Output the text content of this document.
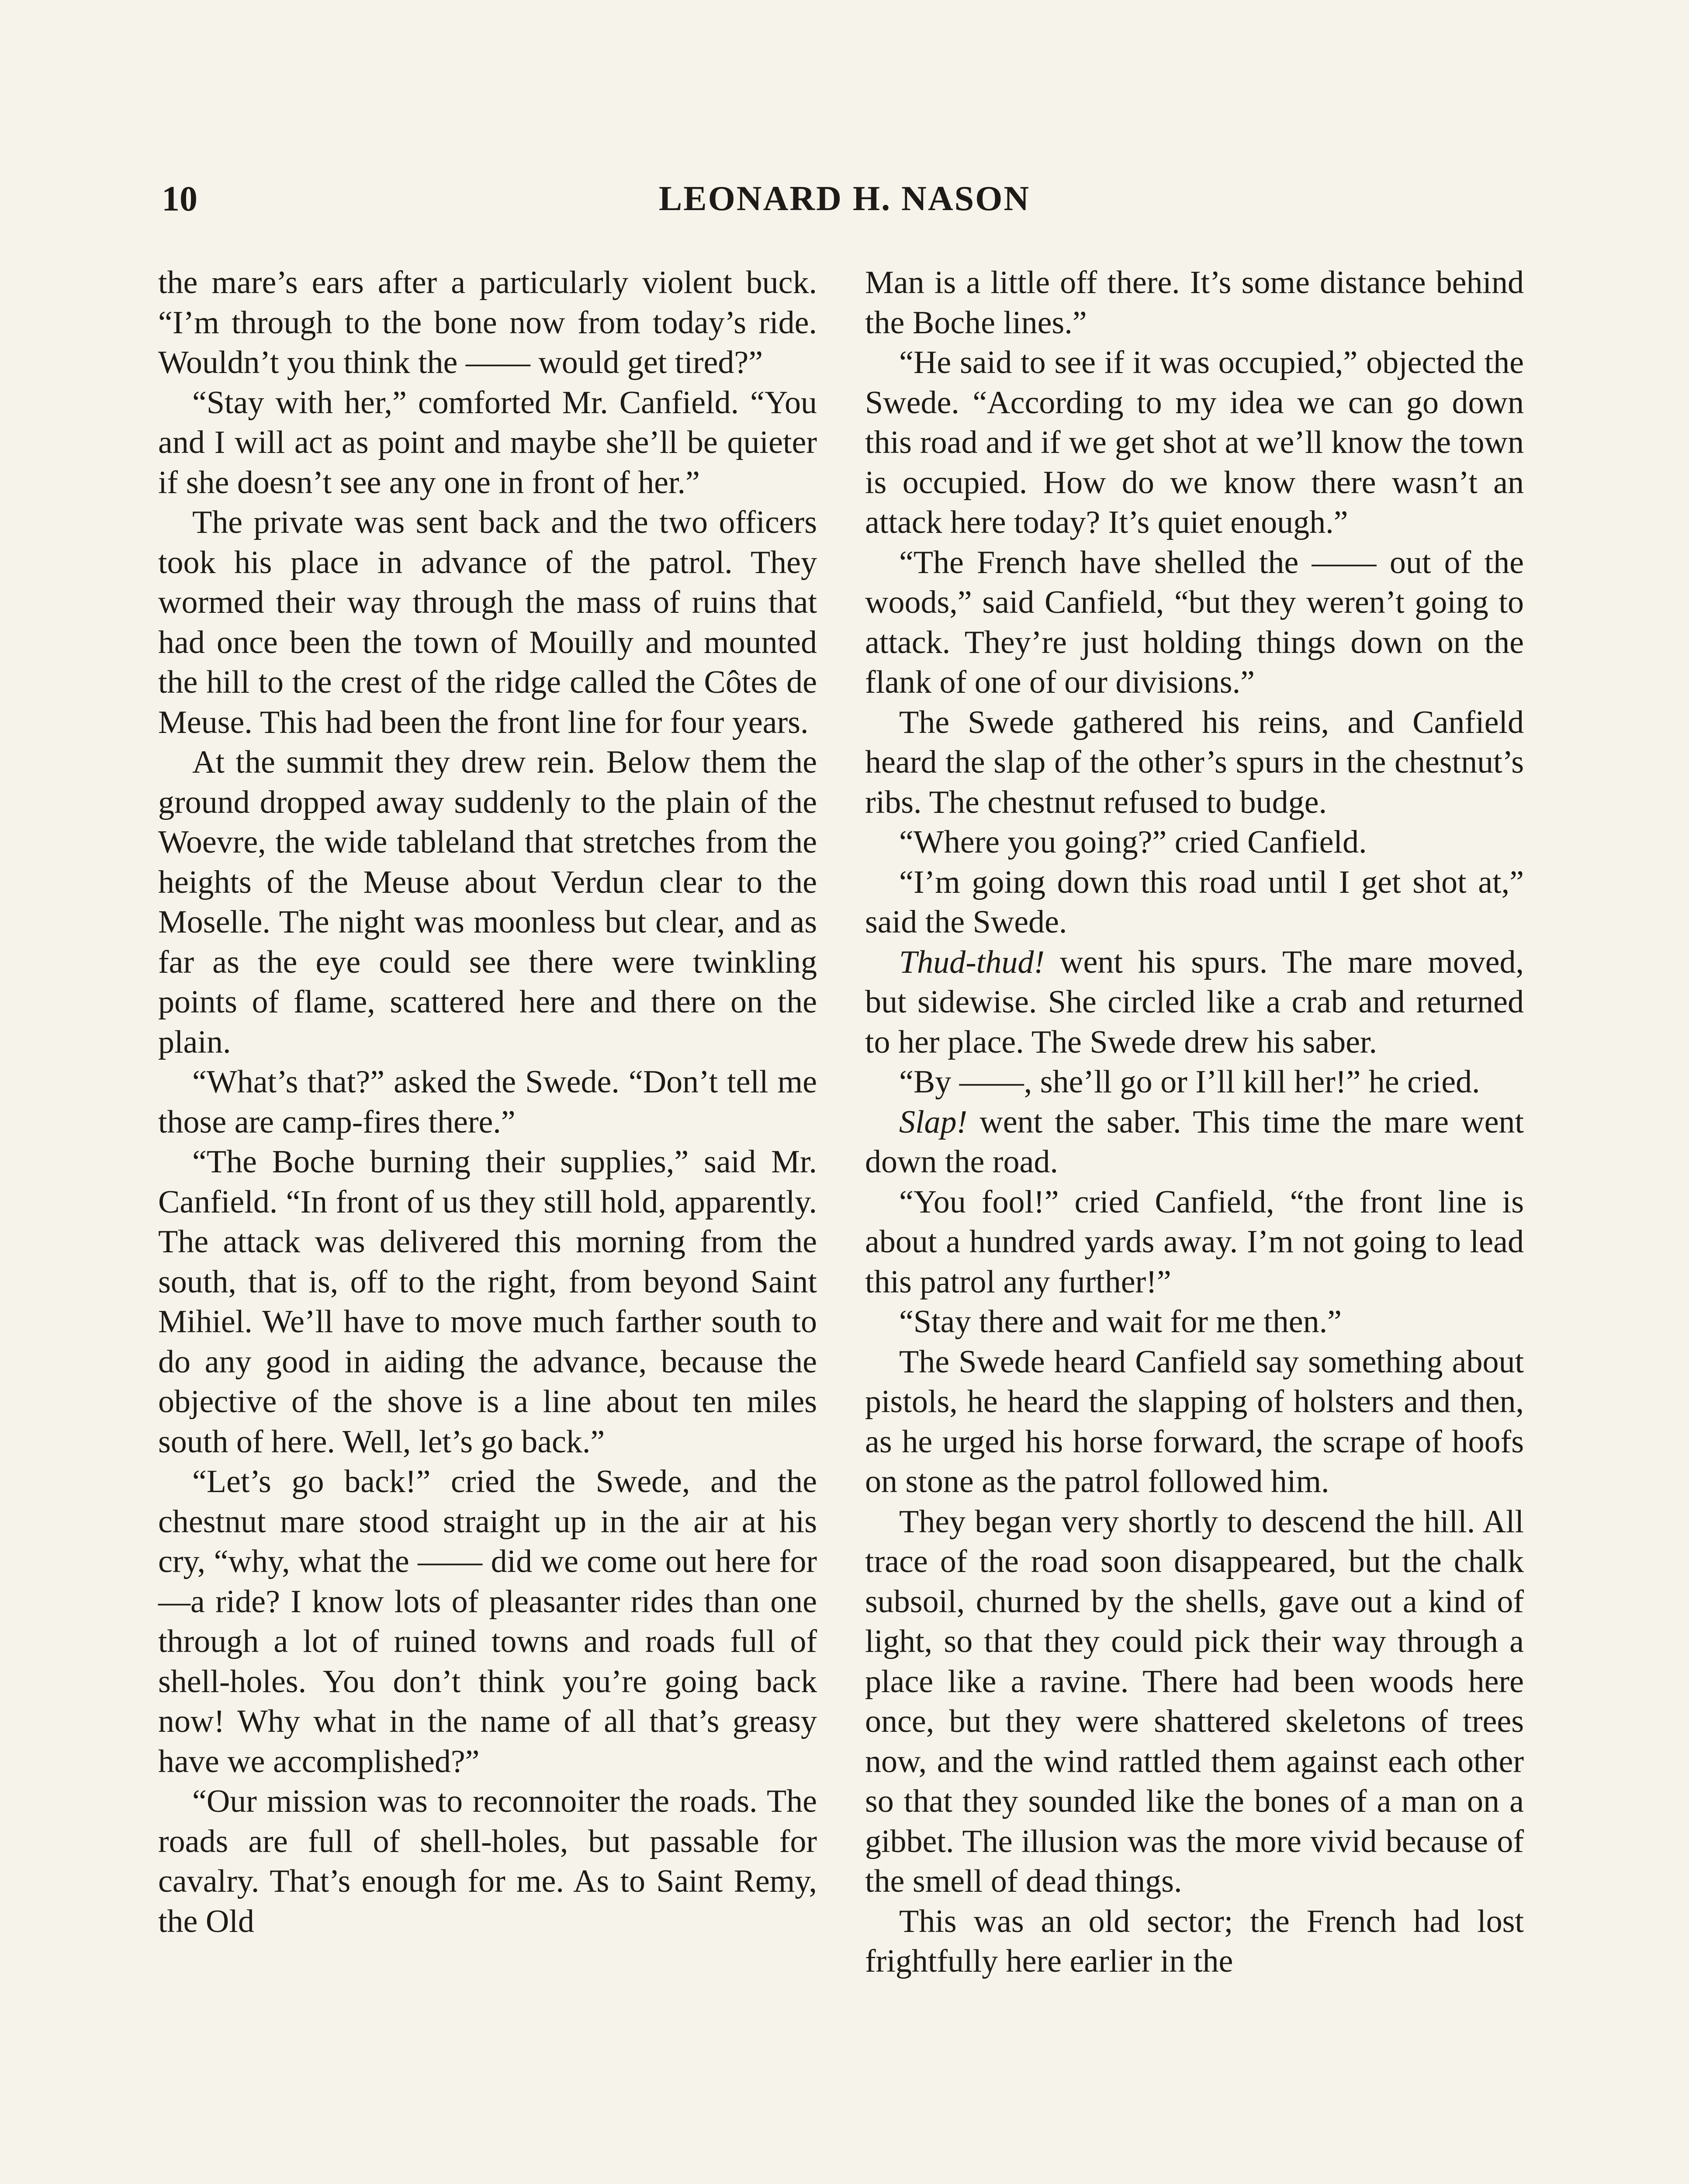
10	LEONARD H. NASON

the mare’s ears after a particularly violent buck. “I’m through to the bone now from today’s ride. Wouldn’t you think the —— would get tired?”

“Stay with her,” comforted Mr. Canfield. “You and I will act as point and maybe she’ll be quieter if she doesn’t see any one in front of her.”

The private was sent back and the two officers took his place in advance of the patrol. They wormed their way through the mass of ruins that had once been the town of Mouilly and mounted the hill to the crest of the ridge called the Côtes de Meuse. This had been the front line for four years.

At the summit they drew rein. Below them the ground dropped away suddenly to the plain of the Woevre, the wide tableland that stretches from the heights of the Meuse about Verdun clear to the Moselle. The night was moonless but clear, and as far as the eye could see there were twinkling points of flame, scattered here and there on the plain.

“What’s that?” asked the Swede. “Don’t tell me those are camp-fires there.”

“The Boche burning their supplies,” said Mr. Canfield. “In front of us they still hold, apparently. The attack was delivered this morning from the south, that is, off to the right, from beyond Saint Mihiel. We’ll have to move much farther south to do any good in aiding the advance, because the objective of the shove is a line about ten miles south of here. Well, let’s go back.”

“Let’s go back!” cried the Swede, and the chestnut mare stood straight up in the air at his cry, “why, what the —— did we come out here for—a ride? I know lots of pleasanter rides than one through a lot of ruined towns and roads full of shell-holes. You don’t think you’re going back now! Why what in the name of all that’s greasy have we accomplished?”

“Our mission was to reconnoiter the roads. The roads are full of shell-holes, but passable for cavalry. That’s enough for me. As to Saint Remy, the Old

Man is a little off there. It’s some distance behind the Boche lines.”

“He said to see if it was occupied,” objected the Swede. “According to my idea we can go down this road and if we get shot at we’ll know the town is occupied. How do we know there wasn’t an attack here today? It’s quiet enough.”

“The French have shelled the —— out of the woods,” said Canfield, “but they weren’t going to attack. They’re just holding things down on the flank of one of our divisions.”

The Swede gathered his reins, and Canfield heard the slap of the other’s spurs in the chestnut’s ribs. The chestnut refused to budge.

“Where you going?” cried Canfield.

“I’m going down this road until I get shot at,” said the Swede.

Thud-thud! went his spurs. The mare moved, but sidewise. She circled like a crab and returned to her place. The Swede drew his saber.

“By ——, she’ll go or I’ll kill her!” he cried.

Slap! went the saber. This time the mare went down the road.

“You fool!” cried Canfield, “the front line is about a hundred yards away. I’m not going to lead this patrol any further!”

“Stay there and wait for me then.”

The Swede heard Canfield say something about pistols, he heard the slapping of holsters and then, as he urged his horse forward, the scrape of hoofs on stone as the patrol followed him.

They began very shortly to descend the hill. All trace of the road soon disappeared, but the chalk subsoil, churned by the shells, gave out a kind of light, so that they could pick their way through a place like a ravine. There had been woods here once, but they were shattered skeletons of trees now, and the wind rattled them against each other so that they sounded like the bones of a man on a gibbet. The illusion was the more vivid because of the smell of dead things.

This was an old sector; the French had lost frightfully here earlier in the
